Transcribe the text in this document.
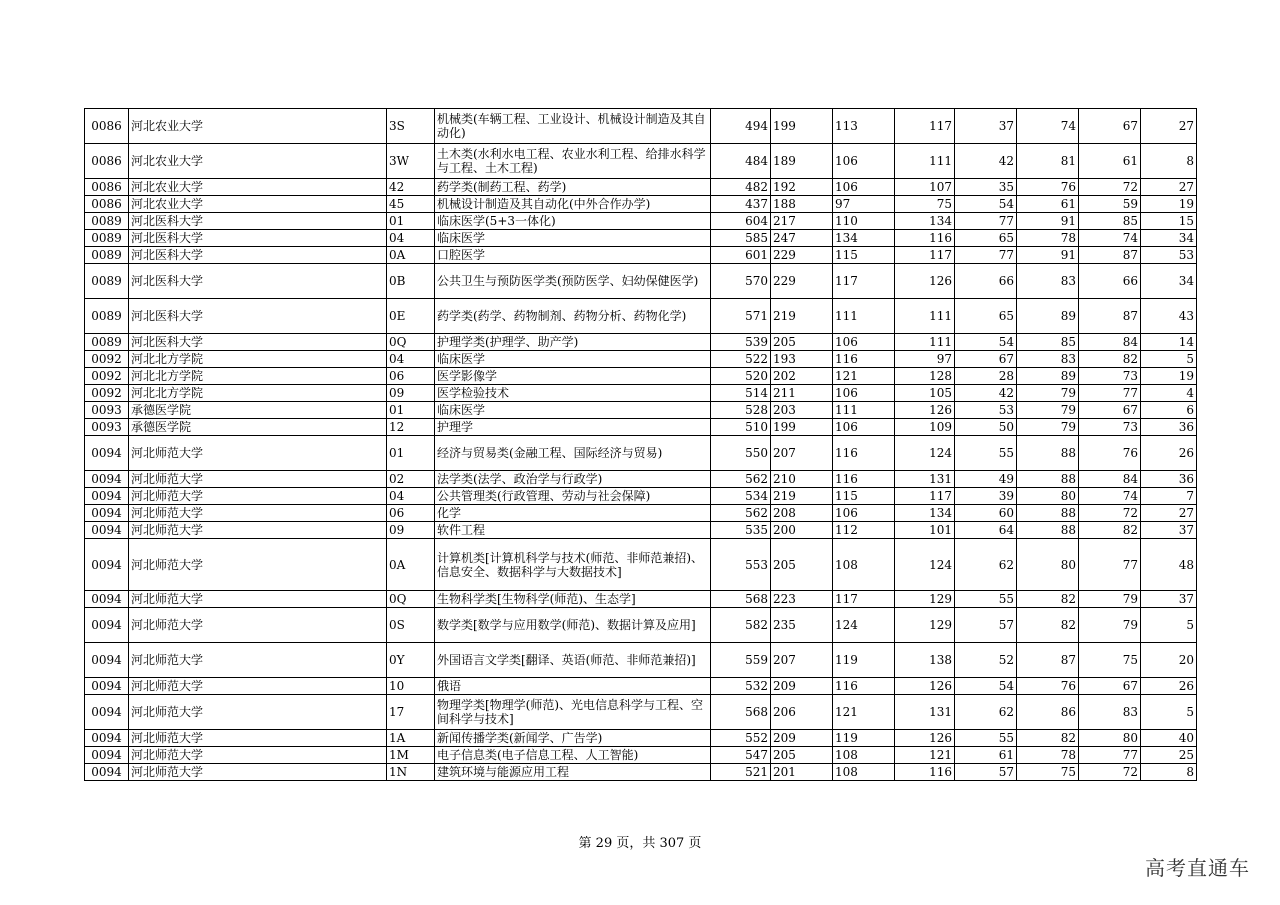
0086	河北农业大学	3S	机械类(车辆工程、工业设计、机械设计制造及其自动化)	494	199	113	117	37	74	67	27
0086	河北农业大学	3W	土木类(水利水电工程、农业水利工程、给排水科学与工程、土木工程)	484	189	106	111	42	81	61	8
0086	河北农业大学	42	药学类(制药工程、药学)	482	192	106	107	35	76	72	27
0086	河北农业大学	45	机械设计制造及其自动化(中外合作办学)	437	188	97	75	54	61	59	19
0089	河北医科大学	01	临床医学(5+3一体化)	604	217	110	134	77	91	85	15
0089	河北医科大学	04	临床医学	585	247	134	116	65	78	74	34
0089	河北医科大学	0A	口腔医学	601	229	115	117	77	91	87	53
0089	河北医科大学	0B	公共卫生与预防医学类(预防医学、妇幼保健医学)	570	229	117	126	66	83	66	34
0089	河北医科大学	0E	药学类(药学、药物制剂、药物分析、药物化学)	571	219	111	111	65	89	87	43
0089	河北医科大学	0Q	护理学类(护理学、助产学)	539	205	106	111	54	85	84	14
0092	河北北方学院	04	临床医学	522	193	116	97	67	83	82	5
0092	河北北方学院	06	医学影像学	520	202	121	128	28	89	73	19
0092	河北北方学院	09	医学检验技术	514	211	106	105	42	79	77	4
0093	承德医学院	01	临床医学	528	203	111	126	53	79	67	6
0093	承德医学院	12	护理学	510	199	106	109	50	79	73	36
0094	河北师范大学	01	经济与贸易类(金融工程、国际经济与贸易)	550	207	116	124	55	88	76	26
0094	河北师范大学	02	法学类(法学、政治学与行政学)	562	210	116	131	49	88	84	36
0094	河北师范大学	04	公共管理类(行政管理、劳动与社会保障)	534	219	115	117	39	80	74	7
0094	河北师范大学	06	化学	562	208	106	134	60	88	72	27
0094	河北师范大学	09	软件工程	535	200	112	101	64	88	82	37
0094	河北师范大学	0A	计算机类[计算机科学与技术(师范、非师范兼招)、信息安全、数据科学与大数据技术]	553	205	108	124	62	80	77	48
0094	河北师范大学	0Q	生物科学类[生物科学(师范)、生态学]	568	223	117	129	55	82	79	37
0094	河北师范大学	0S	数学类[数学与应用数学(师范)、数据计算及应用]	582	235	124	129	57	82	79	5
0094	河北师范大学	0Y	外国语言文学类[翻译、英语(师范、非师范兼招)]	559	207	119	138	52	87	75	20
0094	河北师范大学	10	俄语	532	209	116	126	54	76	67	26
0094	河北师范大学	17	物理学类[物理学(师范)、光电信息科学与工程、空间科学与技术]	568	206	121	131	62	86	83	5
0094	河北师范大学	1A	新闻传播学类(新闻学、广告学)	552	209	119	126	55	82	80	40
0094	河北师范大学	1M	电子信息类(电子信息工程、人工智能)	547	205	108	121	61	78	77	25
0094	河北师范大学	1N	建筑环境与能源应用工程	521	201	108	116	57	75	72	8
第 29 页，共 307 页
高考直通车
